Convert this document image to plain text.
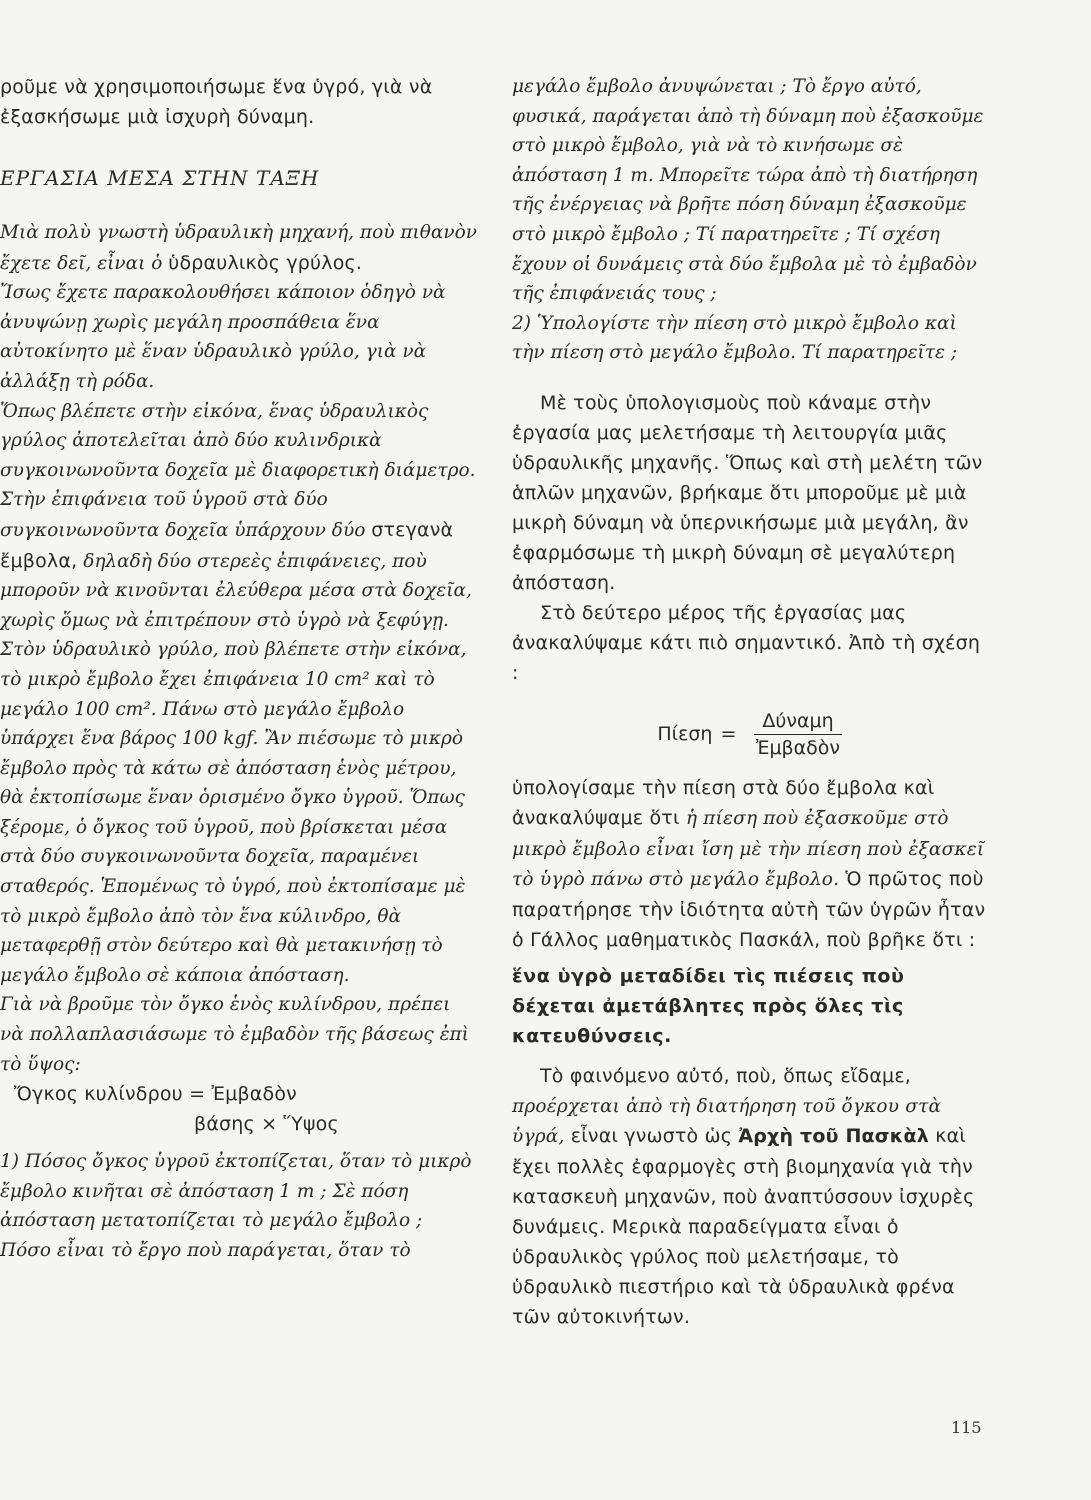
ροῦμε νὰ χρησιμοποιήσωμε ἕνα ὑγρό, γιὰ νὰ ἐξασκήσωμε μιὰ ἰσχυρὴ δύναμη.

ΕΡΓΑΣΙΑ ΜΕΣΑ ΣΤΗΝ ΤΑΞΗ

Μιὰ πολὺ γνωστὴ ὑδραυλικὴ μηχανή, ποὺ πιθανὸν ἔχετε δεῖ, εἶναι ὁ ὑδραυλικὸς γρύλος.

Ἴσως ἔχετε παρακολουθήσει κάποιον ὁδηγὸ νὰ ἀνυψώνῃ χωρὶς μεγάλη προσπάθεια ἕνα αὐτοκίνητο μὲ ἕναν ὑδραυλικὸ γρύλο, γιὰ νὰ ἀλλάξῃ τὴ ρόδα.

Ὅπως βλέπετε στὴν εἰκόνα, ἕνας ὑδραυλικὸς γρύλος ἀποτελεῖται ἀπὸ δύο κυλινδρικὰ συγκοινωνοῦντα δοχεῖα μὲ διαφορετικὴ διάμετρο. Στὴν ἐπιφάνεια τοῦ ὑγροῦ στὰ δύο συγκοινωνοῦντα δοχεῖα ὑπάρχουν δύο στεγανὰ ἔμβολα, δηλαδὴ δύο στερεὲς ἐπιφάνειες, ποὺ μποροῦν νὰ κινοῦνται ἐλεύθερα μέσα στὰ δοχεῖα, χωρὶς ὅμως νὰ ἐπιτρέπουν στὸ ὑγρὸ νὰ ξεφύγῃ. Στὸν ὑδραυλικὸ γρύλο, ποὺ βλέπετε στὴν εἰκόνα, τὸ μικρὸ ἔμβολο ἔχει ἐπιφάνεια 10 cm² καὶ τὸ μεγάλο 100 cm². Πάνω στὸ μεγάλο ἔμβολο ὑπάρχει ἕνα βάρος 100 kgf. Ἂν πιέσωμε τὸ μικρὸ ἔμβολο πρὸς τὰ κάτω σὲ ἀπόσταση ἑνὸς μέτρου, θὰ ἐκτοπίσωμε ἕναν ὁρισμένο ὄγκο ὑγροῦ. Ὅπως ξέρομε, ὁ ὄγκος τοῦ ὑγροῦ, ποὺ βρίσκεται μέσα στὰ δύο συγκοινωνοῦντα δοχεῖα, παραμένει σταθερός. Ἑπομένως τὸ ὑγρό, ποὺ ἐκτοπίσαμε μὲ τὸ μικρὸ ἔμβολο ἀπὸ τὸν ἕνα κύλινδρο, θὰ μεταφερθῇ στὸν δεύτερο καὶ θὰ μετακινήσῃ τὸ μεγάλο ἔμβολο σὲ κάποια ἀπόσταση.

Γιὰ νὰ βροῦμε τὸν ὄγκο ἑνὸς κυλίνδρου, πρέπει νὰ πολλαπλασιάσωμε τὸ ἐμβαδὸν τῆς βάσεως ἐπὶ τὸ ὕψος:

Ὄγκος κυλίνδρου = Ἐμβαδὸν
βάσης × Ὕψος

1) Πόσος ὄγκος ὑγροῦ ἐκτοπίζεται, ὅταν τὸ μικρὸ ἔμβολο κινῆται σὲ ἀπόσταση 1 m ; Σὲ πόση ἀπόσταση μετατοπίζεται τὸ μεγάλο ἔμβολο ; Πόσο εἶναι τὸ ἔργο ποὺ παράγεται, ὅταν τὸ

μεγάλο ἔμβολο ἀνυψώνεται ; Τὸ ἔργο αὐτό, φυσικά, παράγεται ἀπὸ τὴ δύναμη ποὺ ἐξασκοῦμε στὸ μικρὸ ἔμβολο, γιὰ νὰ τὸ κινήσωμε σὲ ἀπόσταση 1 m. Μπορεῖτε τώρα ἀπὸ τὴ διατήρηση τῆς ἐνέργειας νὰ βρῆτε πόση δύναμη ἐξασκοῦμε στὸ μικρὸ ἔμβολο ; Τί παρατηρεῖτε ; Τί σχέση ἔχουν οἱ δυνάμεις στὰ δύο ἔμβολα μὲ τὸ ἐμβαδὸν τῆς ἐπιφάνειάς τους ;

2) Ὑπολογίστε τὴν πίεση στὸ μικρὸ ἔμβολο καὶ τὴν πίεση στὸ μεγάλο ἔμβολο. Τί παρατηρεῖτε ;

Μὲ τοὺς ὑπολογισμοὺς ποὺ κάναμε στὴν ἐργασία μας μελετήσαμε τὴ λειτουργία μιᾶς ὑδραυλικῆς μηχανῆς. Ὅπως καὶ στὴ μελέτη τῶν ἁπλῶν μηχανῶν, βρήκαμε ὅτι μποροῦμε μὲ μιὰ μικρὴ δύναμη νὰ ὑπερνικήσωμε μιὰ μεγάλη, ἂν ἐφαρμόσωμε τὴ μικρὴ δύναμη σὲ μεγαλύτερη ἀπόσταση.

Στὸ δεύτερο μέρος τῆς ἐργασίας μας ἀνακαλύψαμε κάτι πιὸ σημαντικό. Ἀπὸ τὴ σχέση :

$\Pi ί\varepsilon\sigma\eta = \frac{\text{Δύναμη}}{\text{Ἐμβαδὸν}}$

ὑπολογίσαμε τὴν πίεση στὰ δύο ἔμβολα καὶ ἀνακαλύψαμε ὅτι ἡ πίεση ποὺ ἐξασκοῦμε στὸ μικρὸ ἔμβολο εἶναι ἴση μὲ τὴν πίεση ποὺ ἐξασκεῖ τὸ ὑγρὸ πάνω στὸ μεγάλο ἔμβολο. Ὁ πρῶτος ποὺ παρατήρησε τὴν ἰδιότητα αὐτὴ τῶν ὑγρῶν ἦταν ὁ Γάλλος μαθηματικὸς Πασκάλ, ποὺ βρῆκε ὅτι :

ἕνα ὑγρὸ μεταδίδει τὶς πιέσεις ποὺ δέχεται ἀμετάβλητες πρὸς ὅλες τὶς κατευθύνσεις.

Τὸ φαινόμενο αὐτό, ποὺ, ὅπως εἴδαμε, προέρχεται ἀπὸ τὴ διατήρηση τοῦ ὄγκου στὰ ὑγρά, εἶναι γνωστὸ ὡς Ἀρχὴ τοῦ Πασκὰλ καὶ ἔχει πολλὲς ἐφαρμογὲς στὴ βιομηχανία γιὰ τὴν κατασκευὴ μηχανῶν, ποὺ ἀναπτύσσουν ἰσχυρὲς δυνάμεις. Μερικὰ παραδείγματα εἶναι ὁ ὑδραυλικὸς γρύλος ποὺ μελετήσαμε, τὸ ὑδραυλικὸ πιεστήριο καὶ τὰ ὑδραυλικὰ φρένα τῶν αὐτοκινήτων.

115
